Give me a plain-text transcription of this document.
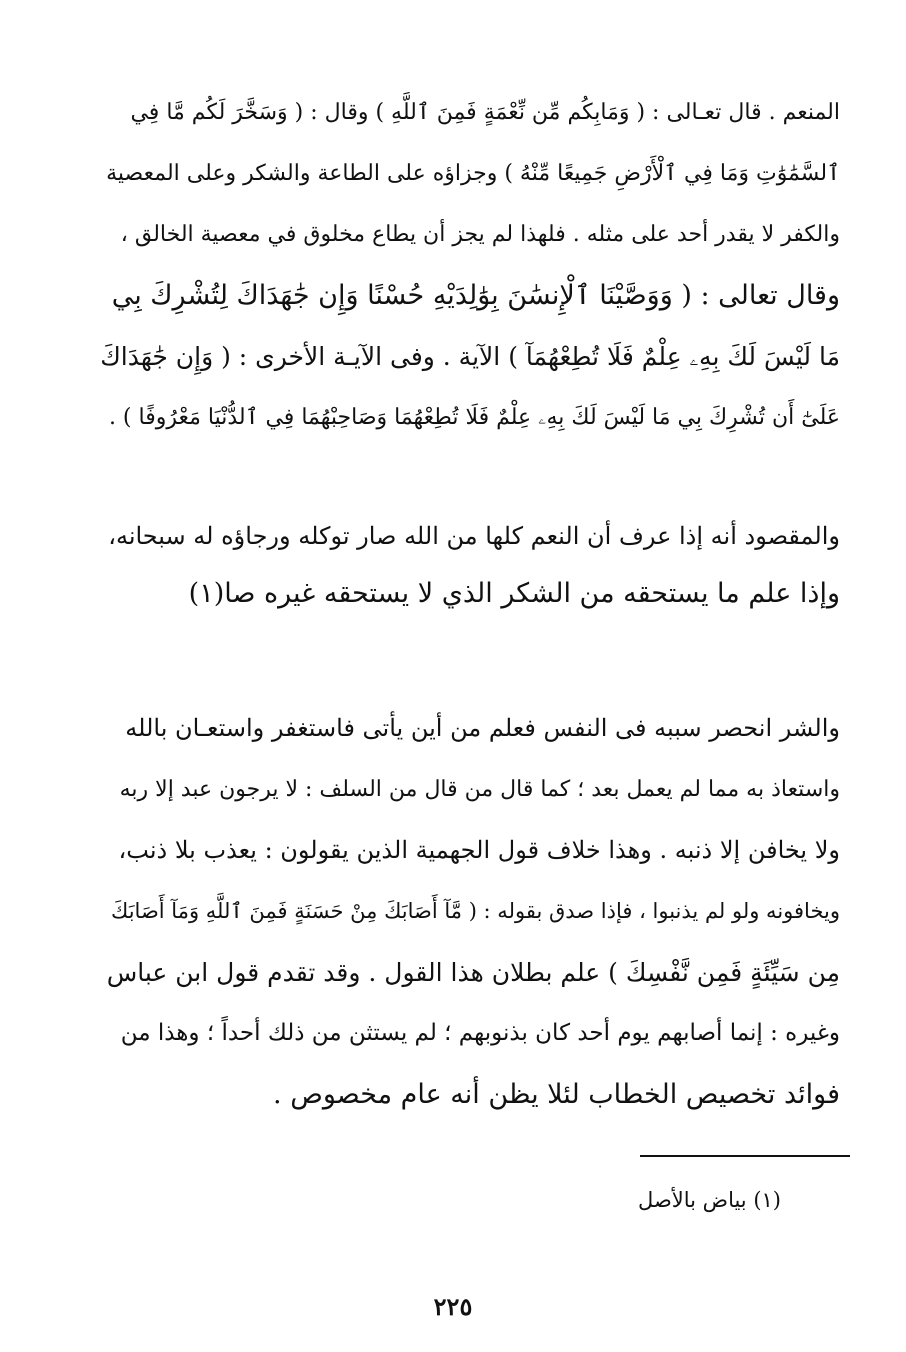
المنعم . قال تعـالى : ( وَمَابِكُم مِّن نِّعْمَةٍ فَمِنَ ٱللَّهِ ) وقال : ( وَسَخَّرَ لَكُم مَّا فِي
ٱلسَّمَٰوَٰتِ وَمَا فِي ٱلْأَرْضِ جَمِيعًا مِّنْهُ ) وجزاؤه على الطاعة والشكر وعلى المعصية
والكفر لا يقدر أحد على مثله . فلهذا لم يجز أن يطاع مخلوق في معصية الخالق ،
وقال تعالى : ( وَوَصَّيْنَا ٱلْإِنسَٰنَ بِوَٰلِدَيْهِ حُسْنًا وَإِن جَٰهَدَاكَ لِتُشْرِكَ بِي
مَا لَيْسَ لَكَ بِهِۦ عِلْمٌ فَلَا تُطِعْهُمَآ ) الآية . وفى الآيـة الأخرى : ( وَإِن جَٰهَدَاكَ
عَلَىٰٓ أَن تُشْرِكَ بِي مَا لَيْسَ لَكَ بِهِۦ عِلْمٌ فَلَا تُطِعْهُمَا وَصَاحِبْهُمَا فِي ٱلدُّنْيَا مَعْرُوفًا ) .
والمقصود أنه إذا عرف أن النعم كلها من الله صار توكله ورجاؤه له سبحانه،
وإذا علم ما يستحقه من الشكر الذي لا يستحقه غيره صا(١)
والشر انحصر سببه فى النفس فعلم من أين يأتى فاستغفر واستعـان بالله
واستعاذ به مما لم يعمل بعد ؛ كما قال من قال من السلف : لا يرجون عبد إلا ربه
ولا يخافن إلا ذنبه . وهذا خلاف قول الجهمية الذين يقولون : يعذب بلا ذنب،
ويخافونه ولو لم يذنبوا ، فإذا صدق بقوله : ( مَّآ أَصَابَكَ مِنْ حَسَنَةٍ فَمِنَ ٱللَّهِ وَمَآ أَصَابَكَ
مِن سَيِّئَةٍ فَمِن نَّفْسِكَ ) علم بطلان هذا القول . وقد تقدم قول ابن عباس
وغيره : إنما أصابهم يوم أحد كان بذنوبهم ؛ لم يستثن من ذلك أحداً ؛ وهذا من
فوائد تخصيص الخطاب لئلا يظن أنه عام مخصوص .
(١) بياض بالأصل
٢٢٥
